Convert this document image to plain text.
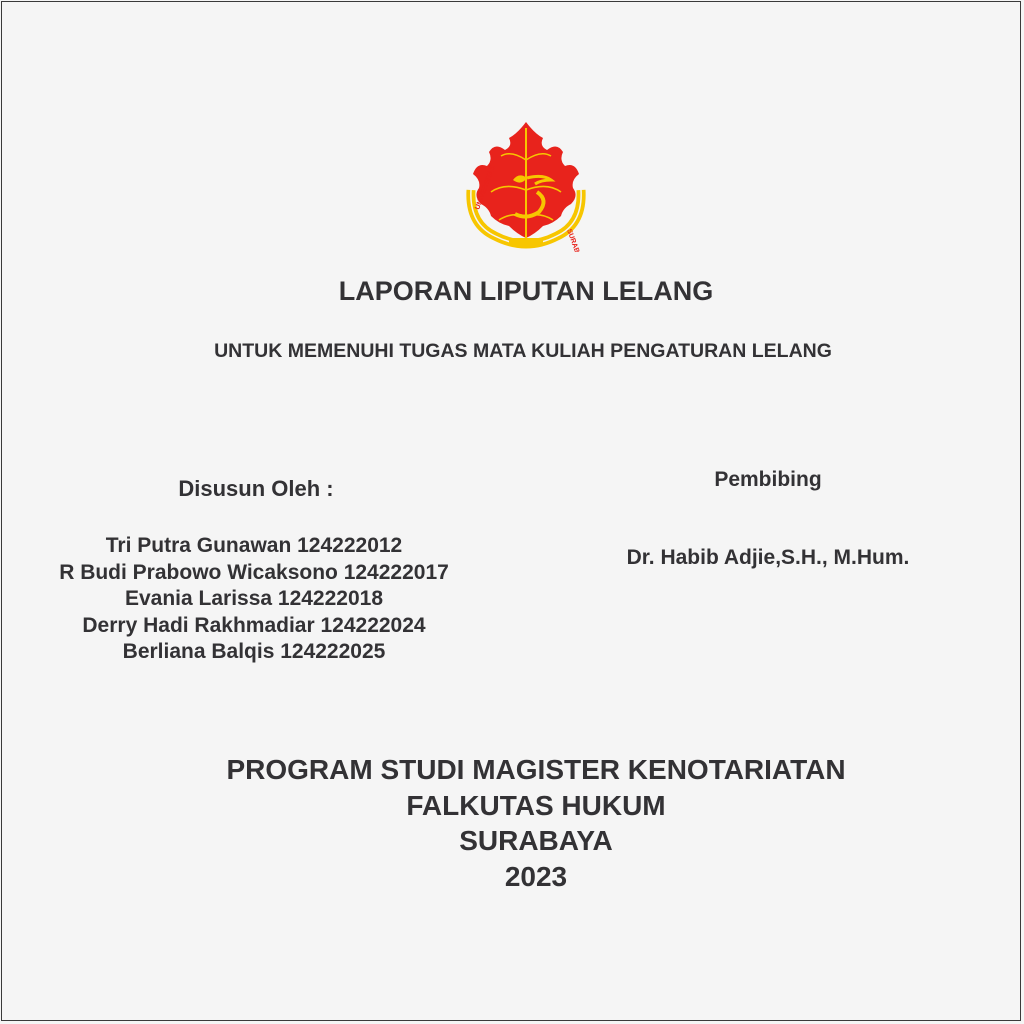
UNIVERSITAS
SURABAYA
LAPORAN LIPUTAN LELANG
UNTUK MEMENUHI TUGAS MATA KULIAH PENGATURAN LELANG
Disusun Oleh :
Tri Putra Gunawan 124222012
R Budi Prabowo Wicaksono 124222017
Evania Larissa 124222018
Derry Hadi Rakhmadiar 124222024
Berliana Balqis 124222025
Pembibing
Dr. Habib Adjie,S.H., M.Hum.
PROGRAM STUDI MAGISTER KENOTARIATAN
FALKUTAS HUKUM
SURABAYA
2023
